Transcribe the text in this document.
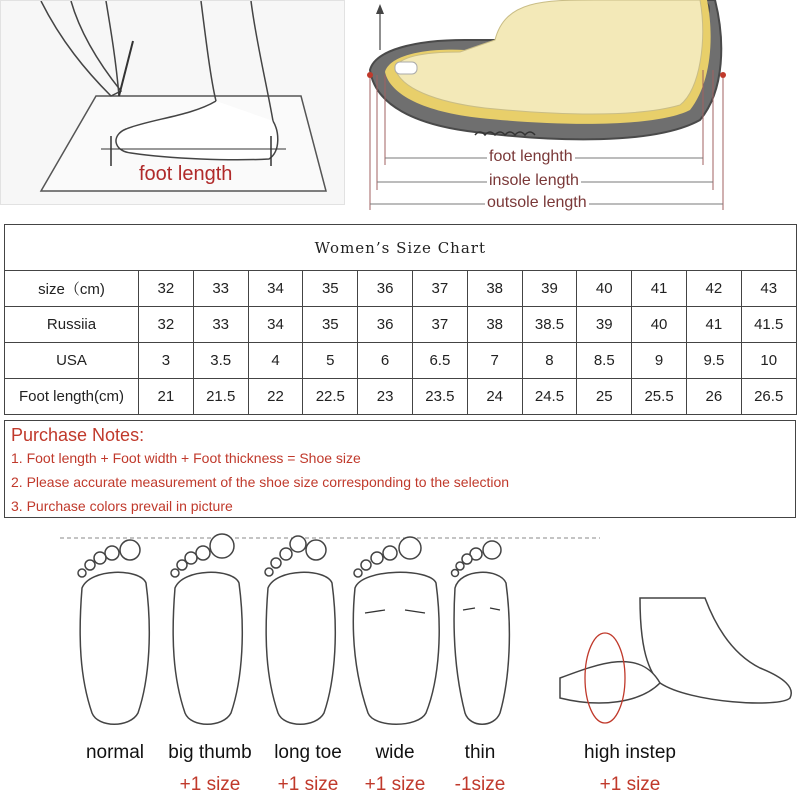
foot length
foot lenghth
insole length
outsole length
Women’s Size Chart												
size（cm)	32	33	34	35	36	37	38	39	40	41	42	43
Russiia	32	33	34	35	36	37	38	38.5	39	40	41	41.5
USA	3	3.5	4	5	6	6.5	7	8	8.5	9	9.5	10
Foot length(cm)	21	21.5	22	22.5	23	23.5	24	24.5	25	25.5	26	26.5
Purchase Notes:
1. Foot length + Foot width + Foot thickness = Shoe size
2. Please accurate measurement of the shoe size corresponding to the selection
3. Purchase colors prevail in picture
normal	big thumb	long toe	wide	thin	high instep
+1 size	+1 size	+1 size	-1size	+1 size
